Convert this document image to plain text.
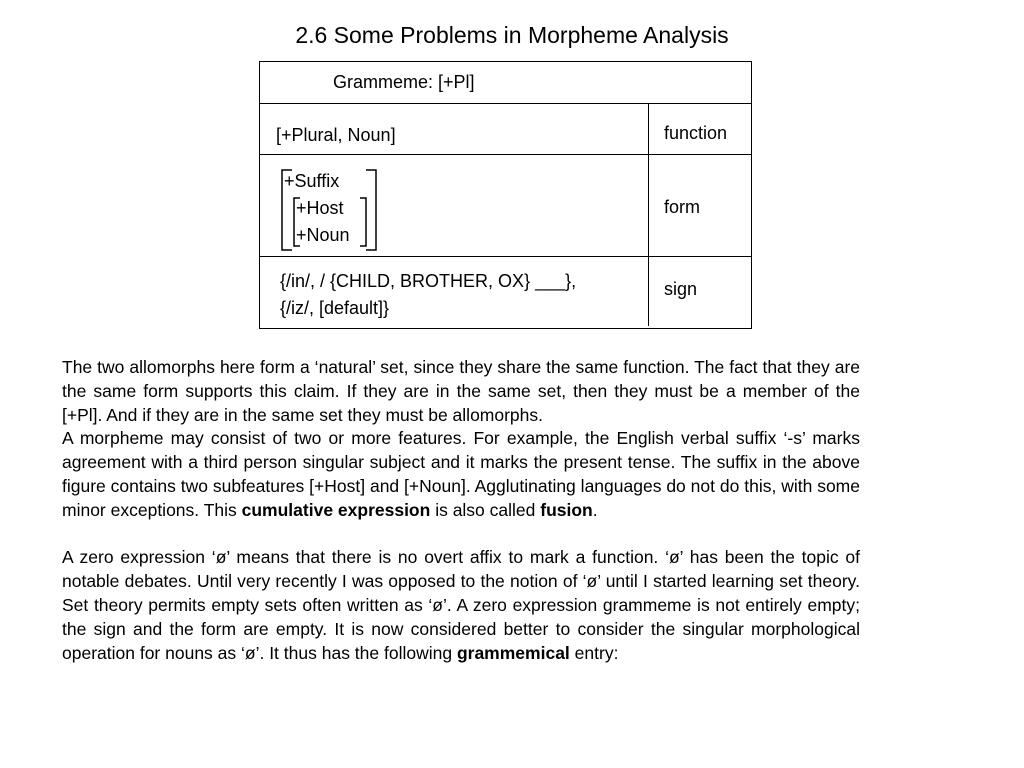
2.6 Some Problems in Morpheme Analysis
Grammeme: [+Pl]
[+Plural, Noun]	function
+Suffix
+Host
+Noun
form
{/in/, / {CHILD, BROTHER, OX} ___},
{/iz/, [default]}
sign

The two allomorphs here form a ‘natural’ set, since they share the same function. The fact that they are the same form supports this claim. If they are in the same set, then they must be a member of the [+Pl]. And if they are in the same set they must be allomorphs.

A morpheme may consist of two or more features. For example, the English verbal suffix ‘-s’ marks agreement with a third person singular subject and it marks the present tense. The suffix in the above figure contains two subfeatures [+Host] and [+Noun]. Agglutinating languages do not do this, with some minor exceptions. This cumulative expression is also called fusion.

A zero expression ‘ø’ means that there is no overt affix to mark a function. ‘ø’ has been the topic of notable debates. Until very recently I was opposed to the notion of ‘ø’ until I started learning set theory. Set theory permits empty sets often written as ‘ø’. A zero expression grammeme is not entirely empty; the sign and the form are empty. It is now considered better to consider the singular morphological operation for nouns as ‘ø’. It thus has the following grammemical entry:
